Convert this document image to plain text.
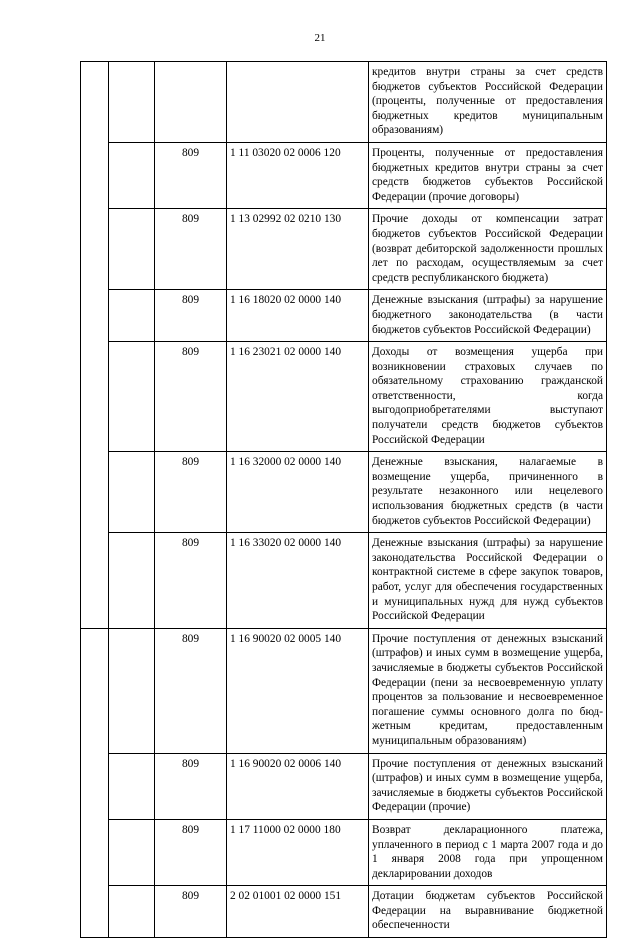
21
				кредитов внутри страны за счет средств бюджетов субъектов Российской Федерации (проценты, полученные от предоставления бюджетных кредитов муниципальным образованиям)
		809	1 11 03020 02 0006 120	Проценты, полученные от предоставления бюджетных кредитов внутри страны за счет средств бюджетов субъектов Российской Федерации (прочие договоры)
		809	1 13 02992 02 0210 130	Прочие доходы от компенсации затрат бюджетов субъектов Российской Федерации (возврат дебиторской задолженности прошлых лет по расходам, осуществляемым за счет средств республиканского бюджета)
		809	1 16 18020 02 0000 140	Денежные взыскания (штрафы) за нарушение бюджетного законодательства (в части бюджетов субъектов Российской Федерации)
		809	1 16 23021 02 0000 140	Доходы от возмещения ущерба при возникновении страховых случаев по обязательному страхованию гражданской ответственности, когда выгодоприобретателями выступают получатели средств бюджетов субъектов Российской Федерации
		809	1 16 32000 02 0000 140	Денежные взыскания, налагаемые в возмещение ущерба, причиненного в результате незаконного или нецелевого использования бюджетных средств (в части бюджетов субъектов Российской Федерации)
		809	1 16 33020 02 0000 140	Денежные взыскания (штрафы) за нарушение законодательства Российской Федерации о контрактной системе в сфере закупок товаров, работ, услуг для обеспечения государственных и муниципальных нужд для нужд субъектов Российской Федерации
		809	1 16 90020 02 0005 140	Прочие поступления от денежных взысканий (штрафов) и иных сумм в возмещение ущерба, зачисляемые в бюджеты субъектов Российской Федерации (пени за несвоевременную уплату процентов за пользование и несвоевременное погашение суммы основного долга по бюджетным кредитам, предоставленным муниципальным образованиям)
		809	1 16 90020 02 0006 140	Прочие поступления от денежных взысканий (штрафов) и иных сумм в возмещение ущерба, зачисляемые в бюджеты субъектов Российской Федерации (прочие)
		809	1 17 11000 02 0000 180	Возврат декларационного платежа, уплаченного в период с 1 марта 2007 года и до 1 января 2008 года при упрощенном декларировании доходов
		809	2 02 01001 02 0000 151	Дотации бюджетам субъектов Российской Федерации на выравнивание бюджетной обеспеченности
